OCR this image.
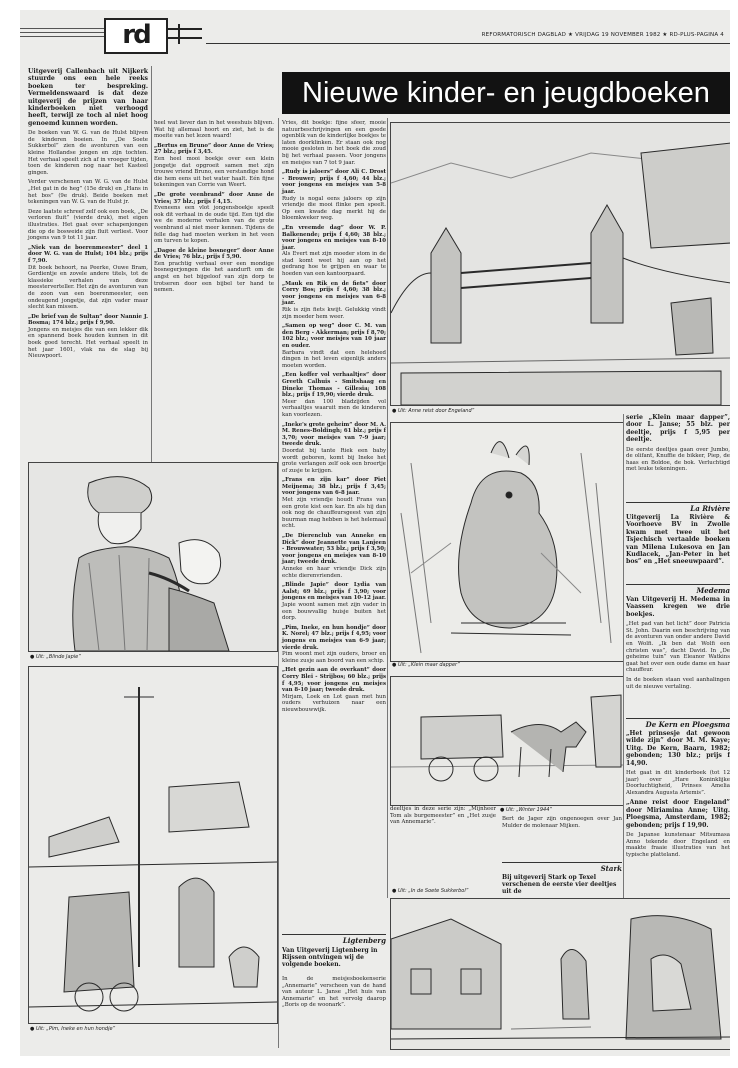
rd	REFORMATORISCH DAGBLAD ★ VRIJDAG 19 NOVEMBER 1982 ★ RD-PLUS-PAGINA 4
Nieuwe kinder- en jeugdboeken

Uitgeverij Callenbach uit Nijkerk stuurde ons een hele reeks boeken ter bespreking. Vermeldenswaard is dat deze uitgeverij de prijzen van haar kinderboeken niet verhoogd heeft, terwijl ze toch al niet hoog genoemd kunnen worden.

De boeken van W. G. van de Hulst blijven de kinderen boeien. In „De Soete Sukkerbol” zien de avonturen van een kleine Hollandse jongen en zijn tochten. Het verhaal speelt zich af in vroeger tijden, toen de kinderen nog naar het Kasteel gingen.

Verder verschenen van W. G. van de Hulst „Het gat in de heg” (15e druk) en „Hans in het bos” (9e druk). Beide boeken met tekeningen van W. G. van de Hulst jr.

Deze laatste schreef zelf ook een boek, „De verloren fluit” (vierde druk), met eigen illustraties. Het gaat over schapenjongen die op de bosweide zijn fluit verliest. Voor jongens van 9 tot 11 jaar.

„Niek van de boerenmeester” deel 1 door W. G. van de Hulst; 104 blz.; prijs f 7,90.
Dit boek behoort, na Peerke, Ouwe Bram, Gerdientje en zovele andere titels, tot de klassieke verhalen van deze meesterverteller. Het zijn de avonturen van de zoon van een boerenmeester, een ondeugend jongetje, dat zijn vader maar slecht kan missen.

„De brief van de Sultan” door Nannie J. Bosma; 174 blz.; prijs f 9,90.
Jongens en meisjes die van een lekker dik en spannend boek houden kunnen in dit boek goed terecht. Het verhaal speelt in het jaar 1601, vlak na de slag bij Nieuwpoort.

heel wat liever dan in het weeshuis blijven. Wat hij allemaal hoort en ziet, het is de moeite van het lezen waard!

„Bertus en Bruno” door Anne de Vries; 27 blz.; prijs f 3,45.
Een heel mooi boekje over een klein jongetje dat opgroeit samen met zijn trouwe vriend Bruno, een verstandige hond die hem eens uit het water haalt. Eén fijne tekeningen van Corrie van Weert.

„De grote veenbrand” door Anne de Vries; 37 blz.; prijs f 4,15.
Eveneens een vlot jongensboekje speelt ook dit verhaal in de oude tijd. Een tijd die we de moderne verhalen van de grote veenbrand al niet meer kennen. Tijdens de felle dag had moeten werken in het veen om turven te kopen.

„Dagoe de kleine bosneger” door Anne de Vries; 76 blz.; prijs f 5,90.
Een prachtig verhaal over een mondige bosnegerjongen die het aandurft om de angst en het bijgeloof van zijn dorp te trotseren door een bijbel ter hand te nemen.

Vries, dit boekje: fijne sfeer, mooie natuurbeschrijvingen en een goede ogenblik van de kinderlijke boekjes te laten doorklinken. Er staan ook nog mooie gesloten in het boek die zoud bij het verhaal passen. Voor jongens en meisjes van 7 tot 9 jaar.

„Rudy is jaloers” door Ali C. Drost - Brouwer; prijs f 4,60; 44 blz.; voor jongens en meisjes van 5-8 jaar.
Rudy is nogal eens jaloers op zijn vriendje die mooi flinke pen speelt. Op een kwade dag merkt hij de bloemkweker weg.

„En vreemde dag” door W. P. Balkenende; prijs f 4,60; 38 blz.; voor jongens en meisjes van 8-10 jaar.
Als Evert met zijn moeder stom in de stad komt weet hij aan op het gedrang hoe te grijpen en waar te hoeden van een kantoorpaard.

„Mauk en Rik en de fiets” door Corry Bos; prijs f 4,60; 38 blz.; voor jongens en meisjes van 6-8 jaar.
Rik is zijn fiets kwijt. Gelukkig vindt zijn moeder hem weer.

„Samen op weg” door C. M. van den Berg - Akkerman; prijs f 8,70; 102 blz.; voor meisjes van 10 jaar en ouder.
Barbara vindt dat een helehoed dingen in het leven eigenlijk anders moeten worden.

„Een koffer vol verhaaltjes” door Greeth Calhuis - Smitshaag en Dineke Thomas - Gillesia; 108 blz.; prijs f 19,90; vierde druk.
Meer dan 100 bladzijden vol verhaaltjes waaruit men de kinderen kan voorlezen.

„Ineke's grote geheim” door M. A. M. Renes-Boldingh; 61 blz.; prijs f 3,70; voor meisjes van 7-9 jaar; tweede druk.
Doordat bij tante Riek een baby wordt geboren, komt bij Ineke het grote verlangen zelf ook een broertje of zusje te krijgen.

„Frans en zijn kar” door Piet Meijnema; 38 blz.; prijs f 3,45; voor jongens van 6-8 jaar.
Met zijn vriendje houdt Frans van een grote kist een kar. En als hij dan ook nog de chauffeursgeest van zijn buurman mag hebben is het helemaal echt.

„De Dierenclub van Anneke en Dick” door Jeannette van Lanjeen - Brouwwater; 53 blz.; prijs f 3,50; voor jongens en meisjes van 8-10 jaar; tweede druk.
Anneke en haar vriendje Dick zijn echte dierenvrienden.

„Blinde Japie” door Lydia van Aalst; 69 blz.; prijs f 3,90; voor jongens en meisjes van 10-12 jaar.
Japie woont samen met zijn vader in een bouwvallig huisje buiten het dorp.

„Pim, Ineke, en hun hondje” door K. Norel; 47 blz.; prijs f 4,95; voor jongens en meisjes van 6-9 jaar; vierde druk.
Pim woont met zijn ouders, broer en kleine zusje aan boord van een schip.

„Het gezin aan de overkant” door Corry Blei - Strijbos; 60 blz.; prijs f 4,95; voor jongens en meisjes van 8-10 jaar; tweede druk.
Mirjam, Loek en Lot gaan met hun ouders verhuizen naar een nieuwbouwwijk.

Ligtenberg
Van Uitgeverij Ligtenberg in Rijssen ontvingen wij de volgende boeken.

In de meisjesboekenserie „Annemarie” verscheen van de hand van auteur L. Janse „Het huis van Annemarie” en het vervolg daarop „Boris op de woonark”.

● Uit: „Blinde Japie”
● Uit: „Pim, Ineke en hun hondje”
● Uit: Anne reist door Engeland”
● Uit: „Klein maar dapper”
● Uit: „Winter 1944”

deeltjes in deze serie zijn: „Mijnheer Tom als burgemeester” en „Het zusje van Annemarie”.

Bert de Jager zijn ongenoegen over Jan Mulder de molenaar Mijken.

Stark
Bij uitgeverij Stark op Texel verschenen de eerste vier deeltjes uit de
● Uit: „In de Soete Sukkerbol”

serie „Klein maar dapper”, door L. Janse; 55 blz. per deeltje, prijs f 5,95 per deeltje.

De eerste deeltjes gaan over Jumbo, de olifant, Knuffie de bikker, Piep, de haas en Boldoe, de bok. Verluchtigd met leuke tekeningen.

La Rivière

Uitgeverij La Rivière & Voorhoeve BV in Zwolle kwam met twee uit het Tsjechisch vertaalde boeken van Milena Lukesova en Jan Kudlacek, „Jan-Peter in het bos” en „Het sneeuwpaard”.

Medema

Van Uitgeverij H. Medema in Vaassen kregen we drie boekjes.

„Het pad van het licht” door Patricia St. John. Daarin een beschrijving van de avonturen van onder andere David en Wolfi. „Ik ben dat Wolfi een christen was”, dacht David. In „De geheime tuin” van Eleanor Watkins gaat het over een oude dame en haar chauffeur.

In de boeken staan veel aanhalingen uit de nieuwe vertaling.

De Kern en Ploegsma

„Het prinsesje dat gewoon wilde zijn” door M. M. Kaye; Uitg. De Kern, Baarn, 1982; gebonden; 130 blz.; prijs f 14,90.

Het gaat in dit kinderboek (tot 12 jaar) over „Hare Koninklijke Doorluchtigheid, Prinses Amelia Alexandra Augusta Artemis”.

„Anne reist door Engeland” door Miriamina Anne; Uitg. Ploegsma, Amsterdam, 1982; gebonden; prijs f 19,90.

De Japanse kunstenaar Mitsumasa Anno tekende door Engeland en maakte fraaie illustraties van het typische platteland.
